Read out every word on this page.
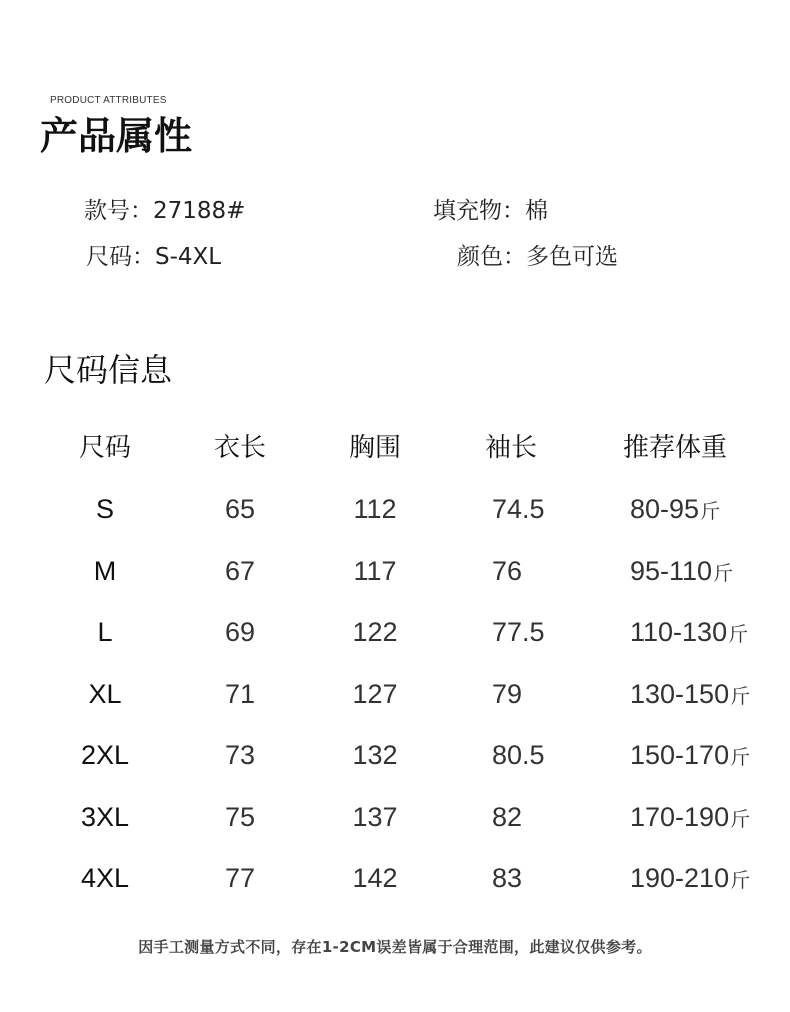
PRODUCT ATTRIBUTES
产品属性
款号：27188#	填充物：棉
尺码：S-4XL	颜色：多色可选
尺码信息
尺码	衣长	胸围	袖长	推荐体重
S	65	112	74.5	80-95斤
M	67	117	76	95-110斤
L	69	122	77.5	110-130斤
XL	71	127	79	130-150斤
2XL	73	132	80.5	150-170斤
3XL	75	137	82	170-190斤
4XL	77	142	83	190-210斤
因手工测量方式不同，存在1-2CM误差皆属于合理范围，此建议仅供参考。
